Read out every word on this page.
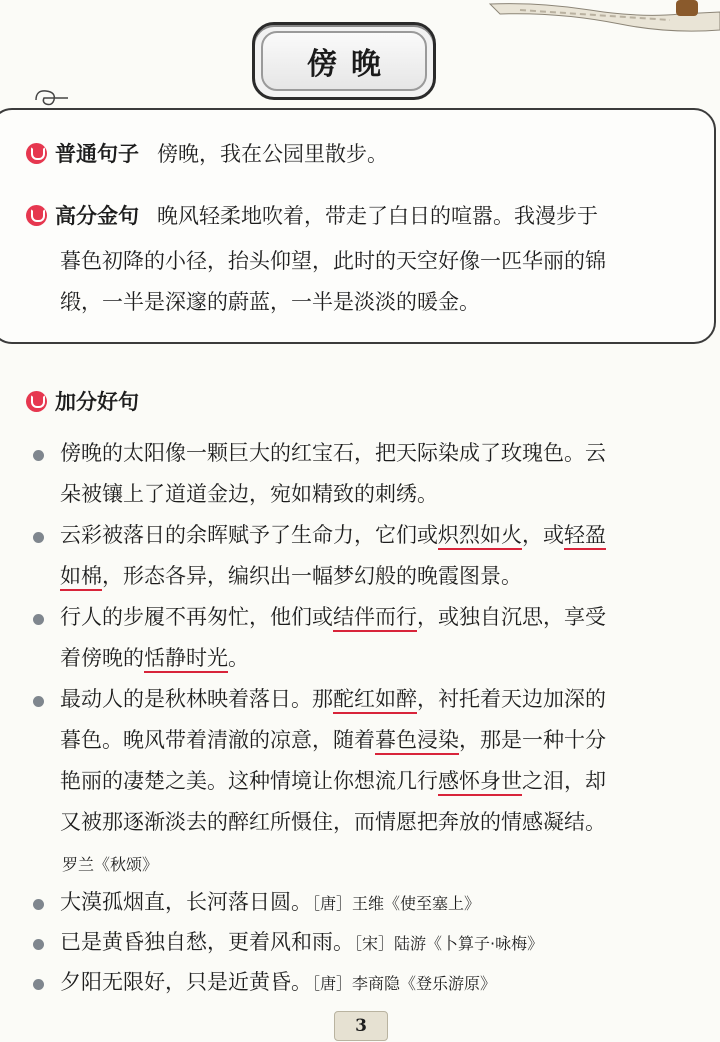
傍晚
普通句子 傍晚，我在公园里散步。
高分金句 晚风轻柔地吹着，带走了白日的喧嚣。我漫步于
暮色初降的小径，抬头仰望，此时的天空好像一匹华丽的锦
缎，一半是深邃的蔚蓝，一半是淡淡的暖金。
加分好句
傍晚的太阳像一颗巨大的红宝石，把天际染成了玫瑰色。云
朵被镶上了道道金边，宛如精致的刺绣。
云彩被落日的余晖赋予了生命力，它们或炽烈如火，或轻盈
如棉，形态各异，编织出一幅梦幻般的晚霞图景。
行人的步履不再匆忙，他们或结伴而行，或独自沉思，享受
着傍晚的恬静时光。
最动人的是秋林映着落日。那酡红如醉，衬托着天边加深的
暮色。晚风带着清澈的凉意，随着暮色浸染，那是一种十分
艳丽的凄楚之美。这种情境让你想流几行感怀身世之泪，却
又被那逐渐淡去的醉红所慑住，而情愿把奔放的情感凝结。
罗兰《秋颂》
大漠孤烟直，长河落日圆。［唐］王维《使至塞上》
已是黄昏独自愁，更着风和雨。［宋］陆游《卜算子·咏梅》
夕阳无限好，只是近黄昏。［唐］李商隐《登乐游原》
3
